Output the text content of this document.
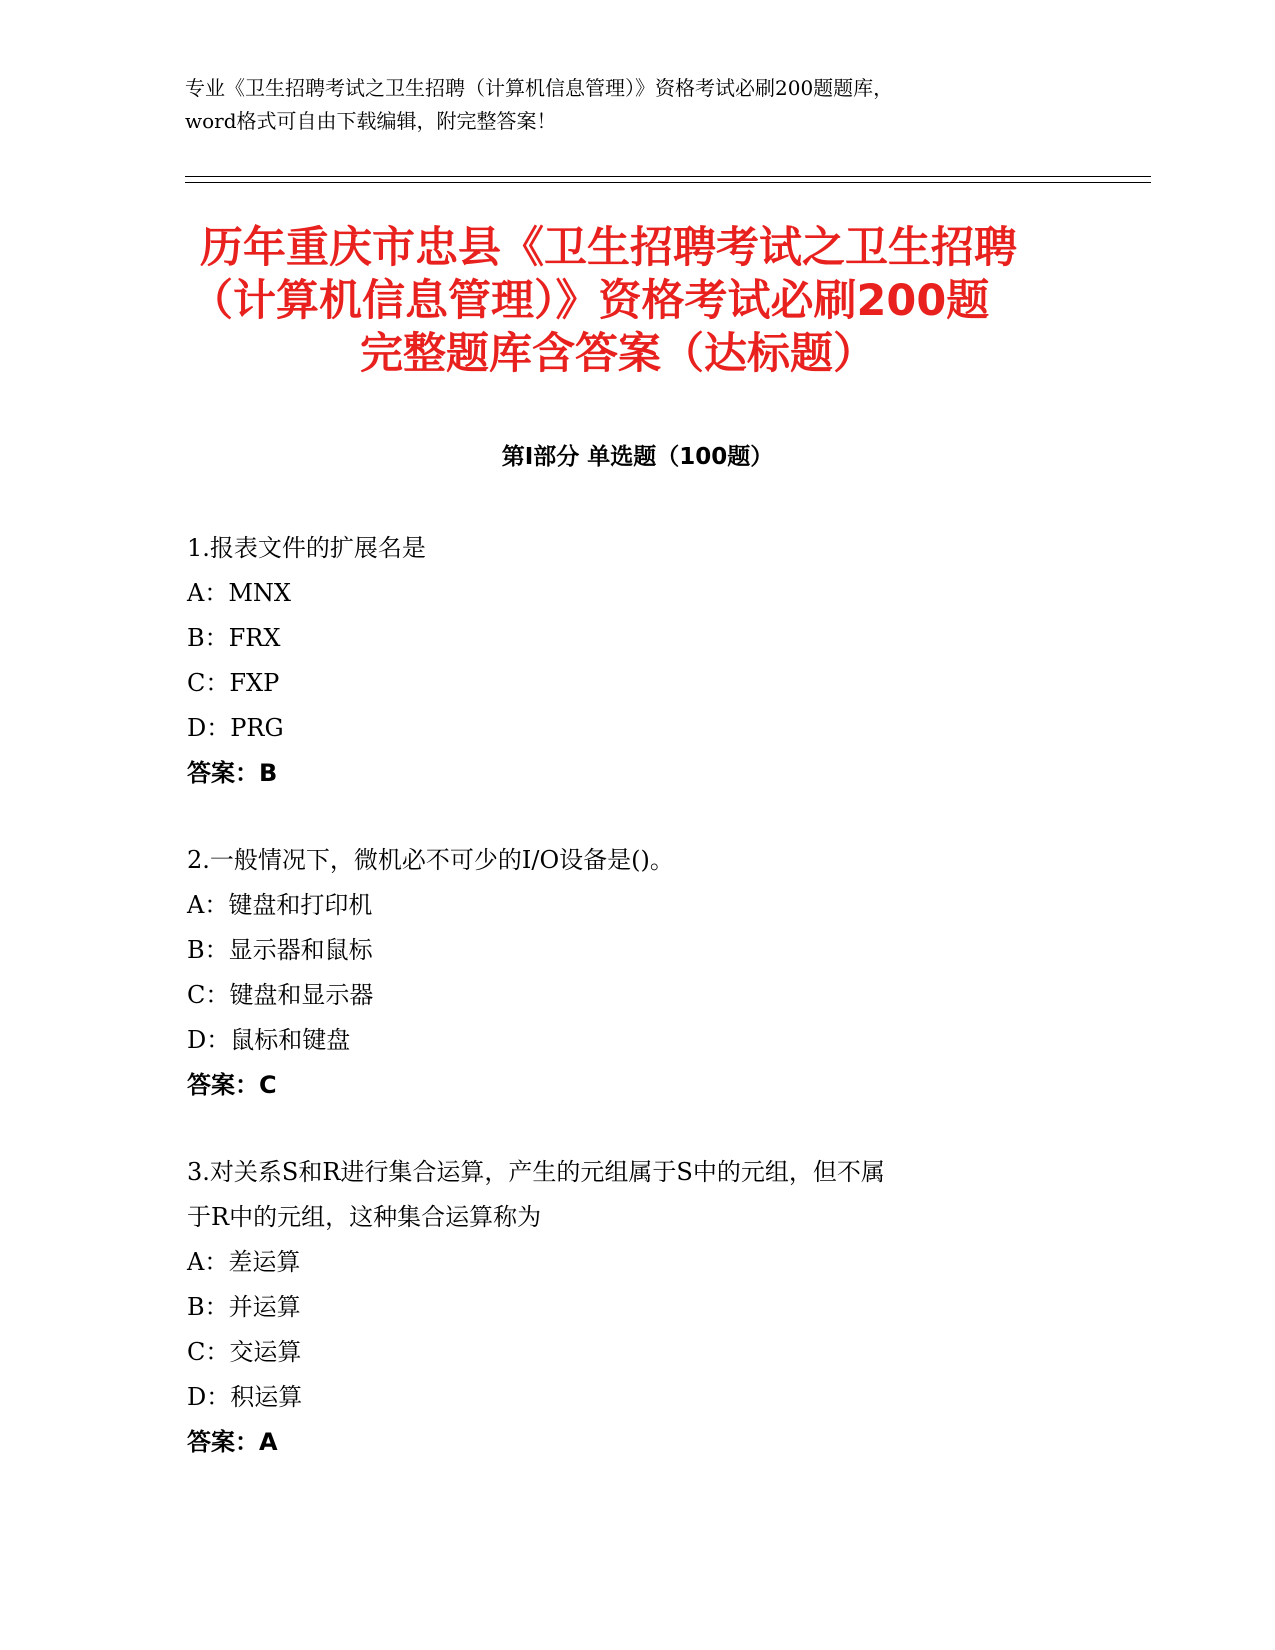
专业《卫生招聘考试之卫生招聘（计算机信息管理）》资格考试必刷200题题库，
word格式可自由下载编辑，附完整答案！
历年重庆市忠县《卫生招聘考试之卫生招聘
（计算机信息管理）》资格考试必刷200题
完整题库含答案（达标题）
第Ⅰ部分 单选题（100题）
1.报表文件的扩展名是
A：MNX
B：FRX
C：FXP
D：PRG
答案：B
2.一般情况下，微机必不可少的I/O设备是()。
A：键盘和打印机
B：显示器和鼠标
C：键盘和显示器
D：鼠标和键盘
答案：C
3.对关系S和R进行集合运算，产生的元组属于S中的元组，但不属
于R中的元组，这种集合运算称为
A：差运算
B：并运算
C：交运算
D：积运算
答案：A
